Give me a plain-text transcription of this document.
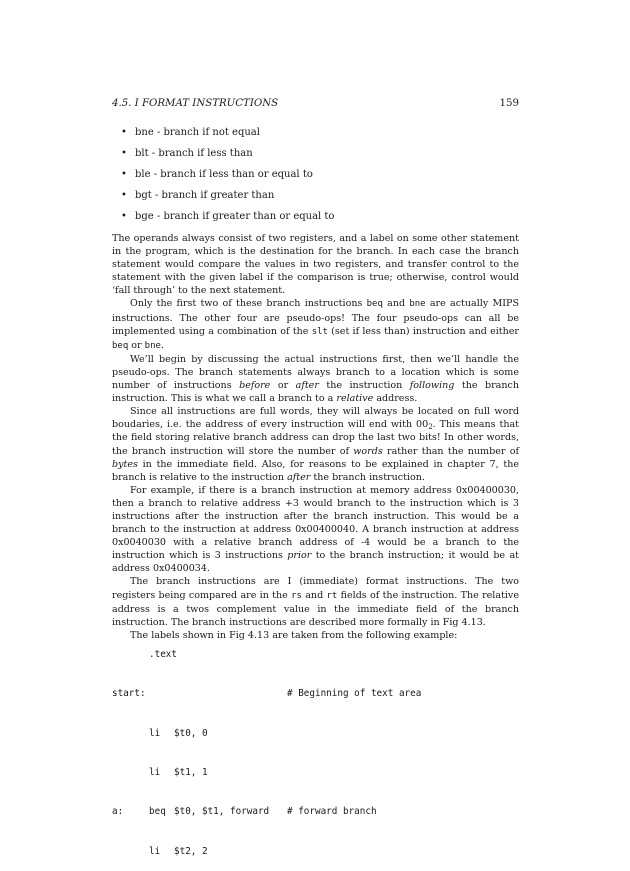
4.5. I FORMAT INSTRUCTIONS	159
• bne - branch if not equal
• blt - branch if less than
• ble - branch if less than or equal to
• bgt - branch if greater than
• bge - branch if greater than or equal to

The operands always consist of two registers, and a label on some other statement in the program, which is the destination for the branch. In each case the branch statement would compare the values in two registers, and transfer control to the statement with the given label if the comparison is true; otherwise, control would ‘fall through’ to the next statement.

Only the first two of these branch instructions beq and bne are actually MIPS instructions. The other four are pseudo-ops! The four pseudo-ops can all be implemented using a combination of the slt (set if less than) instruction and either beq or bne.

We’ll begin by discussing the actual instructions first, then we’ll handle the pseudo-ops. The branch statements always branch to a location which is some number of instructions before or after the instruction following the branch instruction. This is what we call a branch to a relative address.

Since all instructions are full words, they will always be located on full word boudaries, i.e. the address of every instruction will end with $00_2$. This means that the field storing relative branch address can drop the last two bits! In other words, the branch instruction will store the number of words rather than the number of bytes in the immediate field. Also, for reasons to be explained in chapter 7, the branch is relative to the instruction after the branch instruction.

For example, if there is a branch instruction at memory address 0x00400030, then a branch to relative address +3 would branch to the instruction which is 3 instructions after the instruction after the branch instruction. This would be a branch to the instruction at address 0x00400040. A branch instruction at address 0x0040030 with a relative branch address of -4 would be a branch to the instruction which is 3 instructions prior to the branch instruction; it would be at address 0x0400034.

The branch instructions are I (immediate) format instructions. The two registers being compared are in the rs and rt fields of the instruction. The relative address is a twos complement value in the immediate field of the branch instruction. The branch instructions are described more formally in Fig 4.13.

The labels shown in Fig 4.13 are taken from the following example:

.text

start:	# Beginning of text area

li $t0, 0

li $t1, 1

a:	beq $t0, $t1, forward # forward branch

li $t2, 2
